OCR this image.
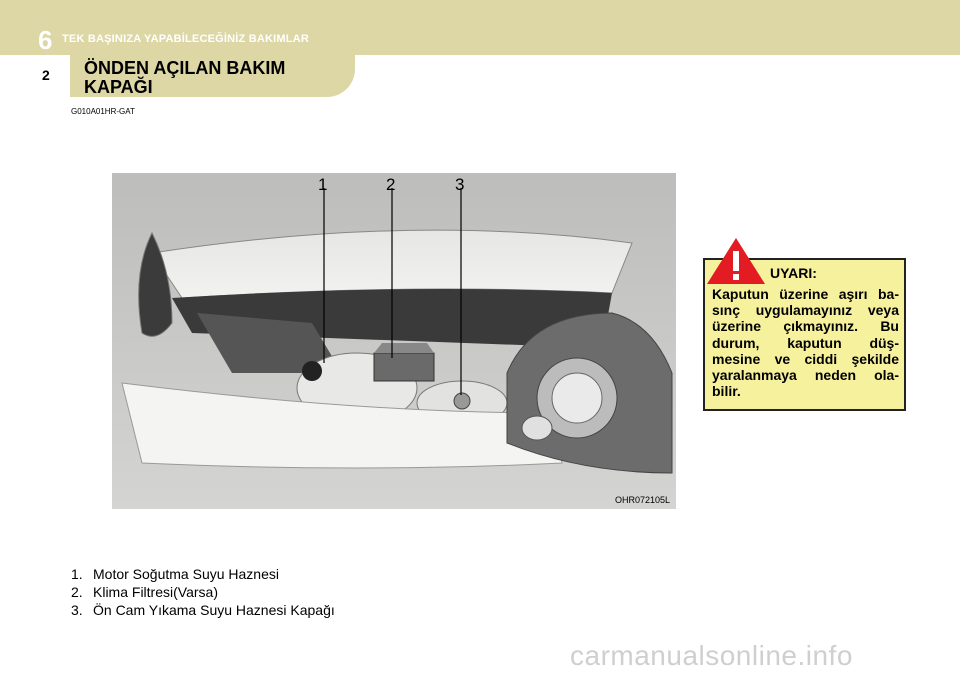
6 TEK BAŞINIZA YAPABİLECEĞİNİZ BAKIMLAR
2 ÖNDEN AÇILAN BAKIM
KAPAĞI
G010A01HR-GAT
1	2	3
OHR072105L
UYARI:
Kaputun üzerine aşırı ba-sınç uygulamayınız veya üzerine çıkmayınız. Bu durum, kaputun düş-mesine ve ciddi şekilde yaralanmaya neden ola-bilir.
1. Motor Soğutma Suyu Haznesi
2. Klima Filtresi(Varsa)
3. Ön Cam Yıkama Suyu Haznesi Kapağı
carmanualsonline.info
